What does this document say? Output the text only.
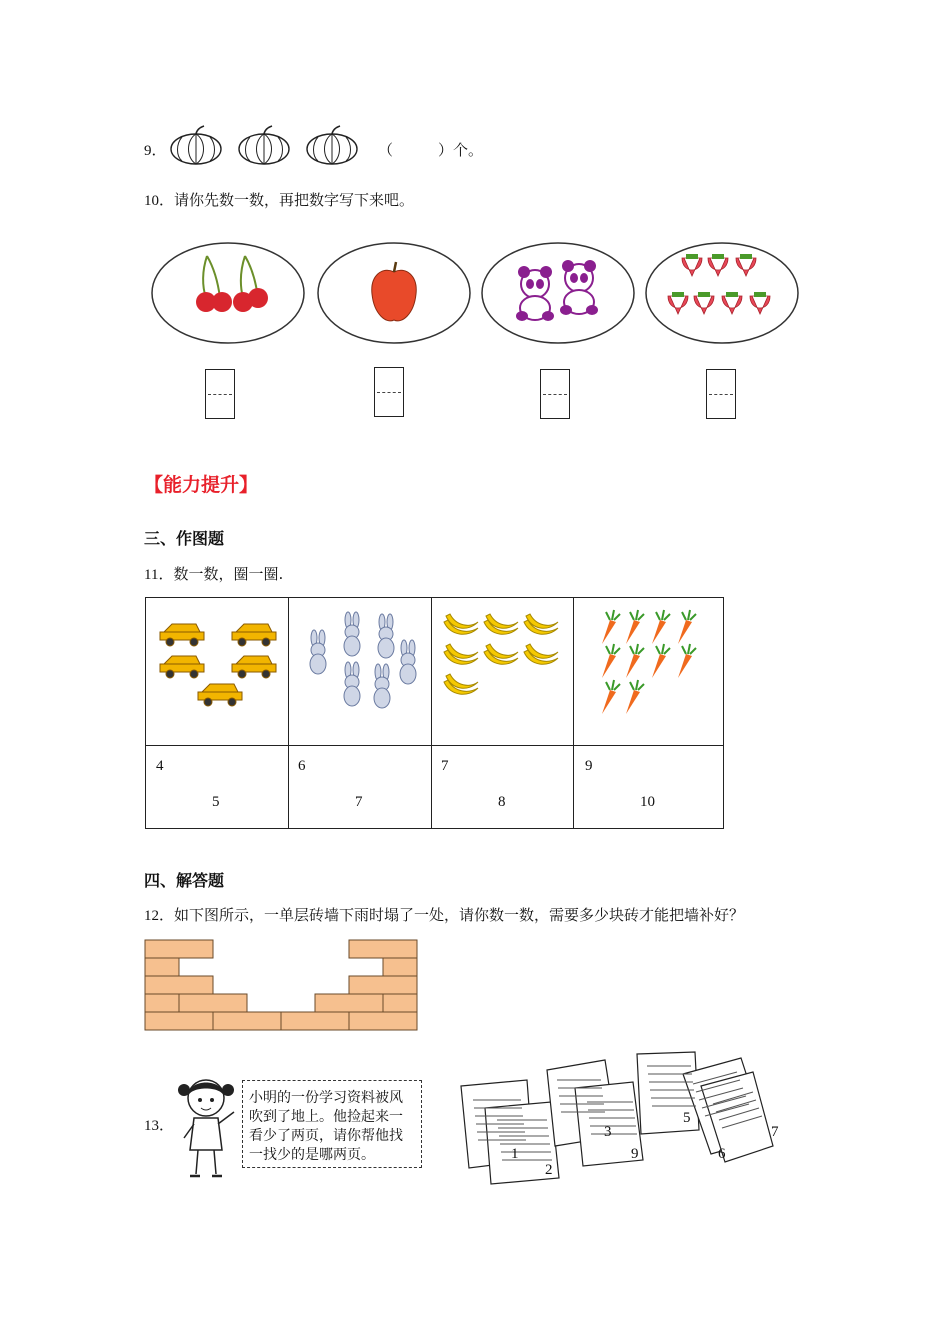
9．	（　　　）个。
10．请你先数一数，再把数字写下来吧。
【能力提升】
三、作图题
11．数一数，圈一圈.
4
5
6
7
7
8
9
10
四、解答题
12．如下图所示，一单层砖墙下雨时塌了一处，请你数一数，需要多少块砖才能把墙补好？
13．
小明的一份学习资料被风吹到了地上。他捡起来一看少了两页，请你帮他找一找少的是哪两页。	1
2
3
9
5
6
7
